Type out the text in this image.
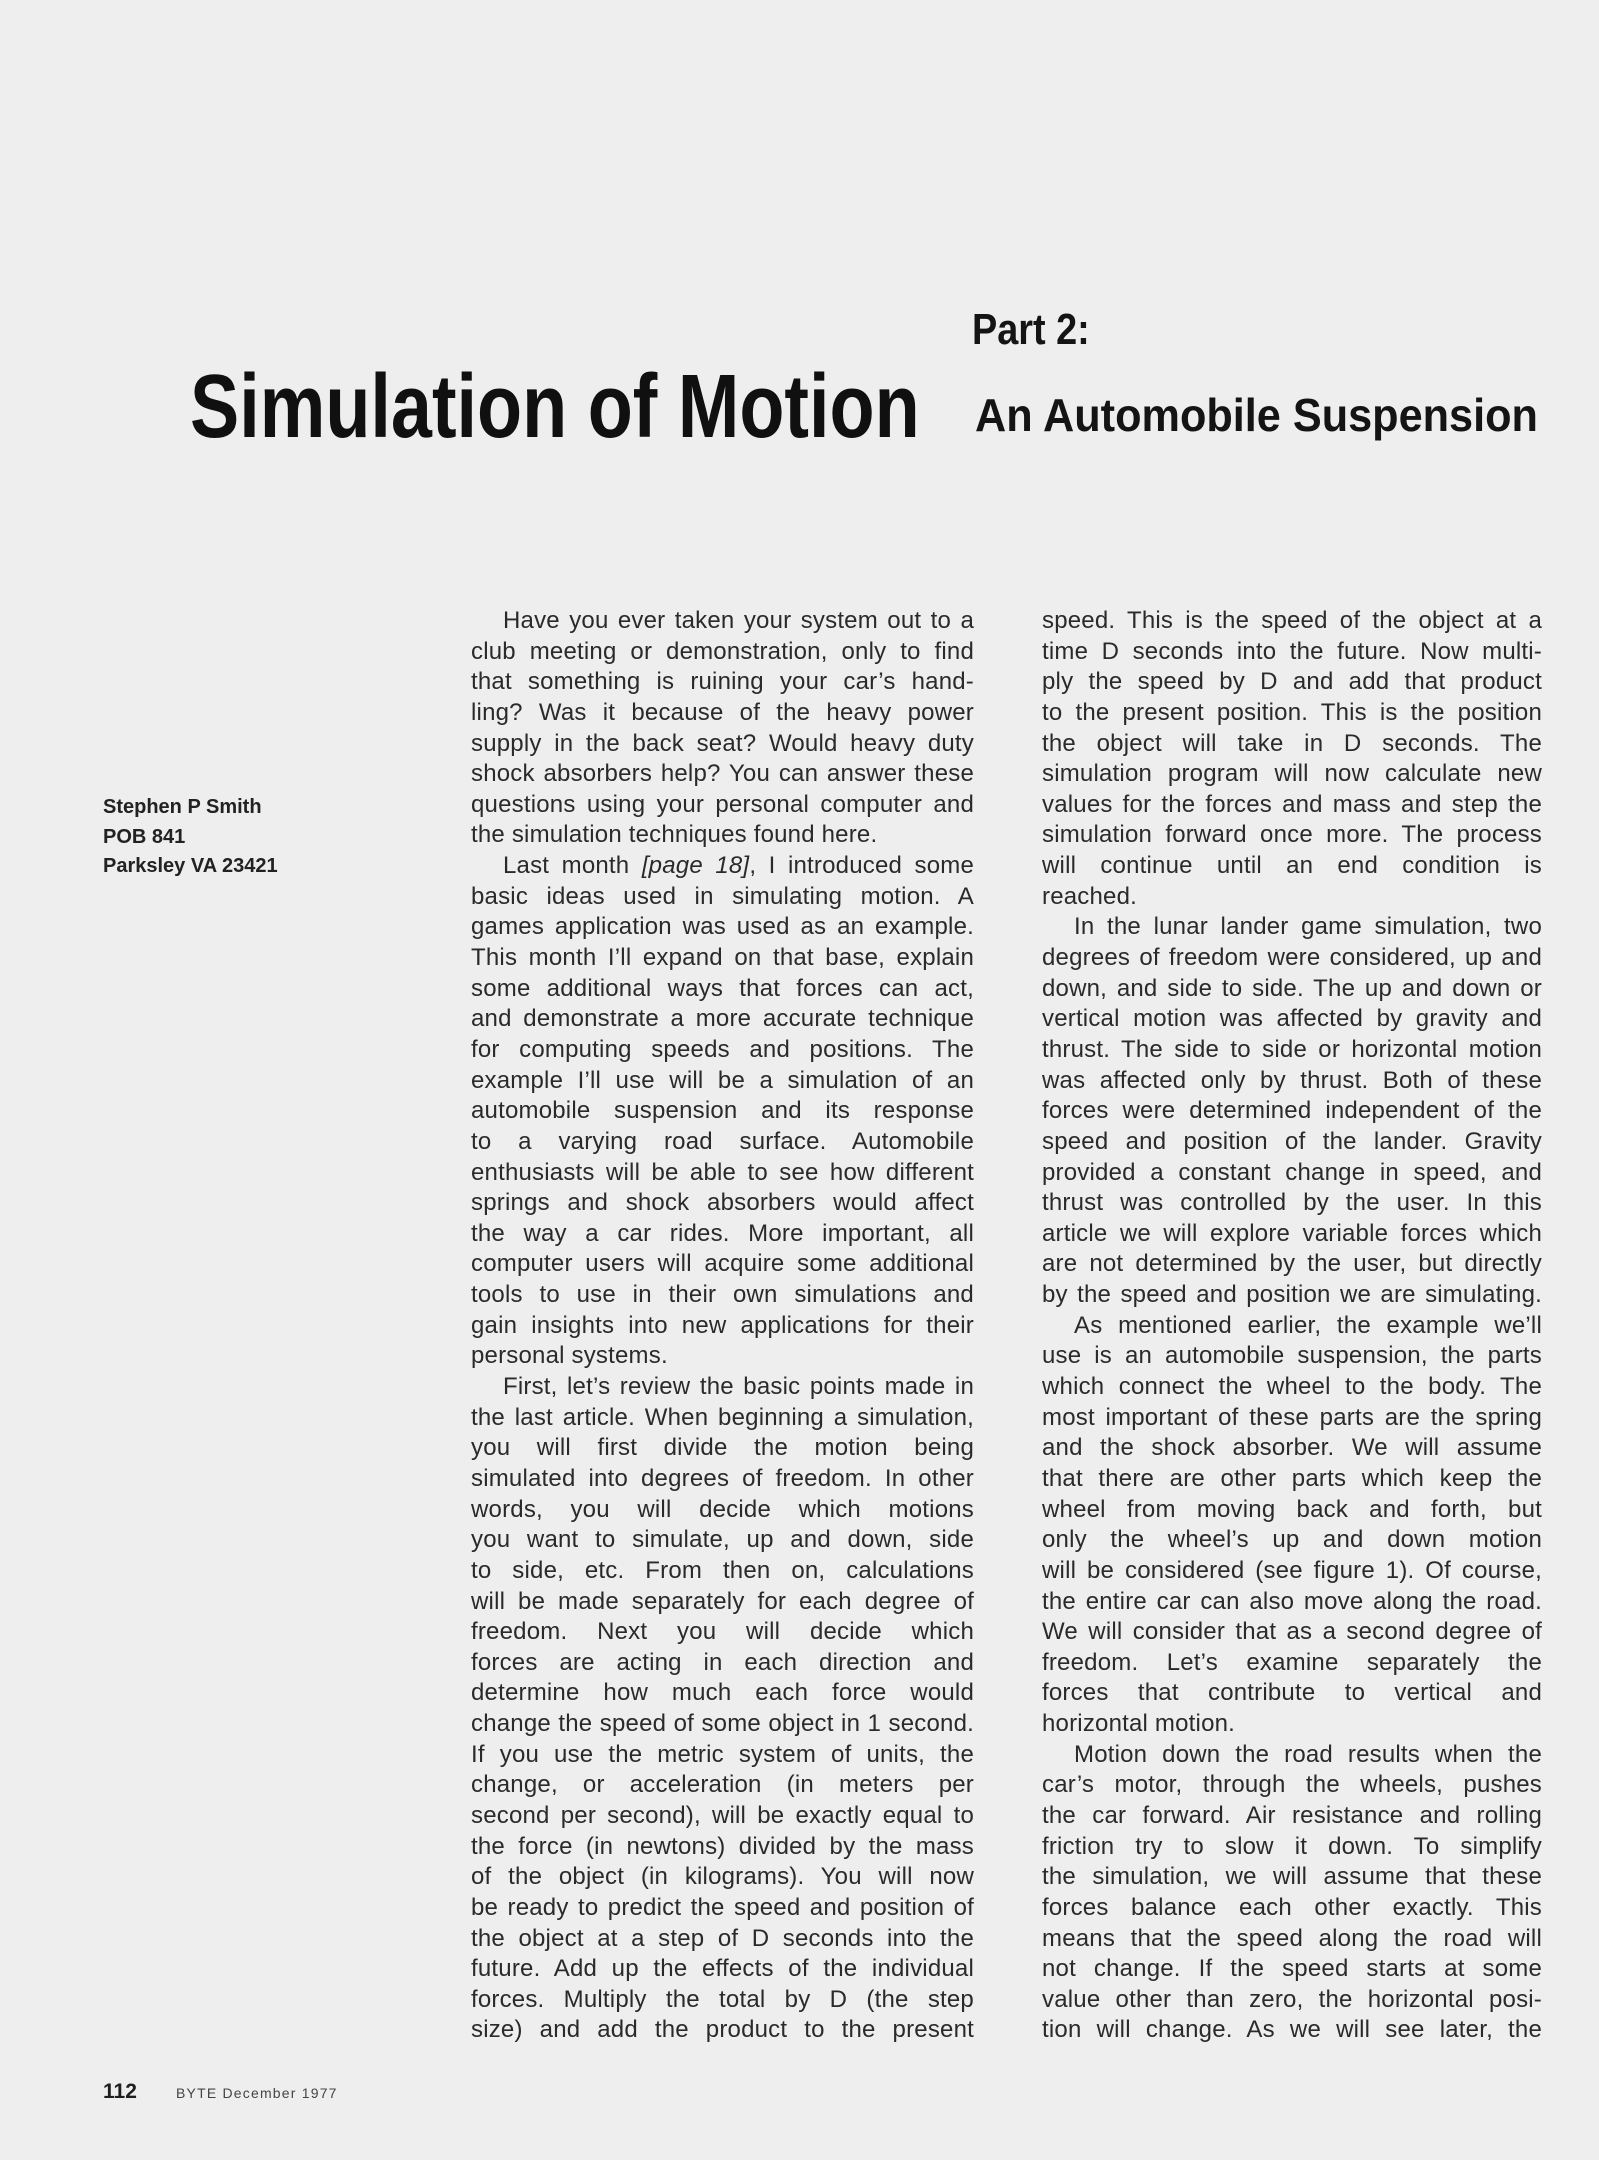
Part 2:
Simulation of Motion An Automobile Suspension
Stephen P Smith
POB 841
Parksley VA 23421
Have you ever taken your system out to a
club meeting or demonstration, only to find
that something is ruining your car’s hand-
ling? Was it because of the heavy power
supply in the back seat? Would heavy duty
shock absorbers help? You can answer these
questions using your personal computer and
the simulation techniques found here.
Last month [page 18], I introduced some
basic ideas used in simulating motion. A
games application was used as an example.
This month I’ll expand on that base, explain
some additional ways that forces can act,
and demonstrate a more accurate technique
for computing speeds and positions. The
example I’ll use will be a simulation of an
automobile suspension and its response
to a varying road surface. Automobile
enthusiasts will be able to see how different
springs and shock absorbers would affect
the way a car rides. More important, all
computer users will acquire some additional
tools to use in their own simulations and
gain insights into new applications for their
personal systems.
First, let’s review the basic points made in
the last article. When beginning a simulation,
you will first divide the motion being
simulated into degrees of freedom. In other
words, you will decide which motions
you want to simulate, up and down, side
to side, etc. From then on, calculations
will be made separately for each degree of
freedom. Next you will decide which
forces are acting in each direction and
determine how much each force would
change the speed of some object in 1 second.
If you use the metric system of units, the
change, or acceleration (in meters per
second per second), will be exactly equal to
the force (in newtons) divided by the mass
of the object (in kilograms). You will now
be ready to predict the speed and position of
the object at a step of D seconds into the
future. Add up the effects of the individual
forces. Multiply the total by D (the step
size) and add the product to the present
speed. This is the speed of the object at a
time D seconds into the future. Now multi-
ply the speed by D and add that product
to the present position. This is the position
the object will take in D seconds. The
simulation program will now calculate new
values for the forces and mass and step the
simulation forward once more. The process
will continue until an end condition is
reached.
In the lunar lander game simulation, two
degrees of freedom were considered, up and
down, and side to side. The up and down or
vertical motion was affected by gravity and
thrust. The side to side or horizontal motion
was affected only by thrust. Both of these
forces were determined independent of the
speed and position of the lander. Gravity
provided a constant change in speed, and
thrust was controlled by the user. In this
article we will explore variable forces which
are not determined by the user, but directly
by the speed and position we are simulating.
As mentioned earlier, the example we’ll
use is an automobile suspension, the parts
which connect the wheel to the body. The
most important of these parts are the spring
and the shock absorber. We will assume
that there are other parts which keep the
wheel from moving back and forth, but
only the wheel’s up and down motion
will be considered (see figure 1). Of course,
the entire car can also move along the road.
We will consider that as a second degree of
freedom. Let’s examine separately the
forces that contribute to vertical and
horizontal motion.
Motion down the road results when the
car’s motor, through the wheels, pushes
the car forward. Air resistance and rolling
friction try to slow it down. To simplify
the simulation, we will assume that these
forces balance each other exactly. This
means that the speed along the road will
not change. If the speed starts at some
value other than zero, the horizontal posi-
tion will change. As we will see later, the
112	BYTE December 1977
